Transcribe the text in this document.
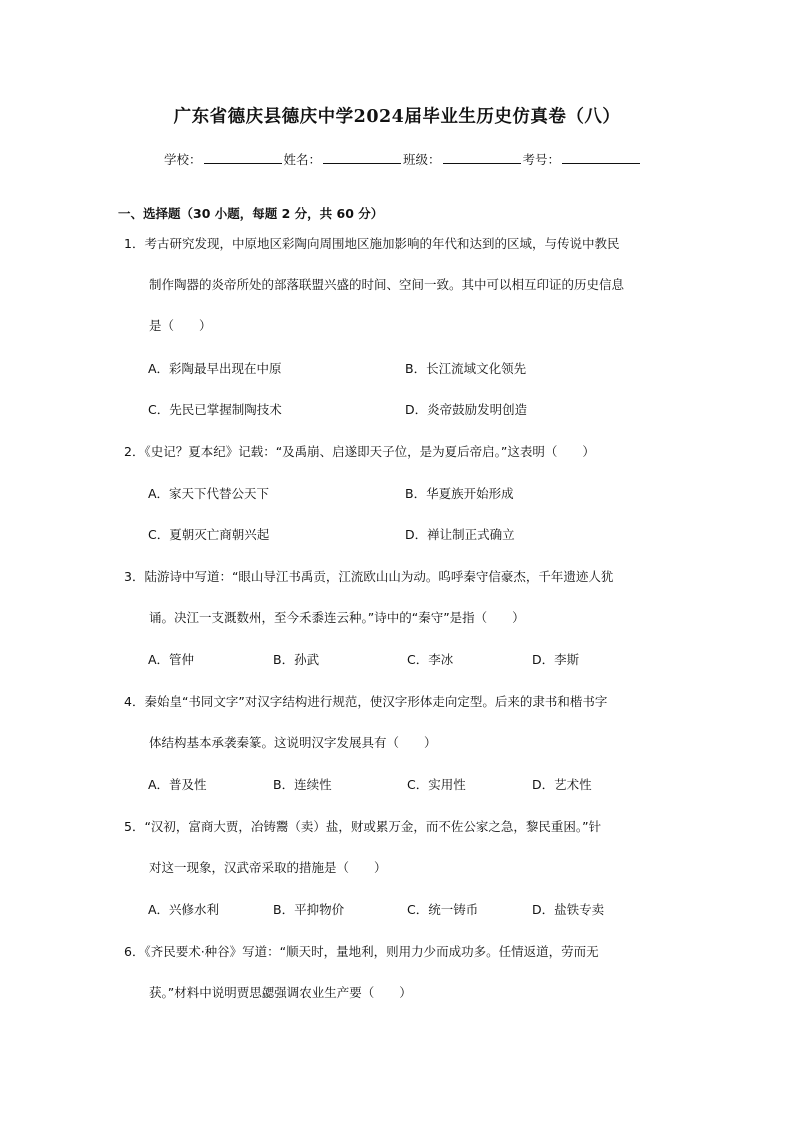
广东省德庆县德庆中学2024届毕业生历史仿真卷（八）
学校：	姓名：	班级：	考号：
一、选择题（30 小题，每题 2 分，共 60 分）
1．考古研究发现，中原地区彩陶向周围地区施加影响的年代和达到的区域，与传说中教民
制作陶器的炎帝所处的部落联盟兴盛的时间、空间一致。其中可以相互印证的历史信息
是（　　）
A．彩陶最早出现在中原	B．长江流域文化领先
C．先民已掌握制陶技术	D．炎帝鼓励发明创造
2．《史记？夏本纪》记载：“及禹崩、启遂即天子位，是为夏后帝启。”这表明（　　）
A．家天下代替公天下	B．华夏族开始形成
C．夏朝灭亡商朝兴起	D．禅让制正式确立
3．陆游诗中写道：“眼山导江书禹贡，江流欧山山为动。呜呼秦守信豪杰，千年遗迹人犹
诵。决江一支溉数州，至今禾黍连云种。”诗中的“秦守”是指（　　）
A．管仲	B．孙武	C．李冰	D．李斯
4．秦始皇“书同文字”对汉字结构进行规范，使汉字形体走向定型。后来的隶书和楷书字
体结构基本承袭秦篆。这说明汉字发展具有（　　）
A．普及性	B．连续性	C．实用性	D．艺术性
5．“汉初，富商大贾，冶铸鬻（卖）盐，财或累万金，而不佐公家之急，黎民重困。”针
对这一现象，汉武帝采取的措施是（　　）
A．兴修水利	B．平抑物价	C．统一铸币	D．盐铁专卖
6．《齐民要术·种谷》写道：“顺天时，量地利，则用力少而成功多。任情返道，劳而无
获。”材料中说明贾思勰强调农业生产要（　　）
